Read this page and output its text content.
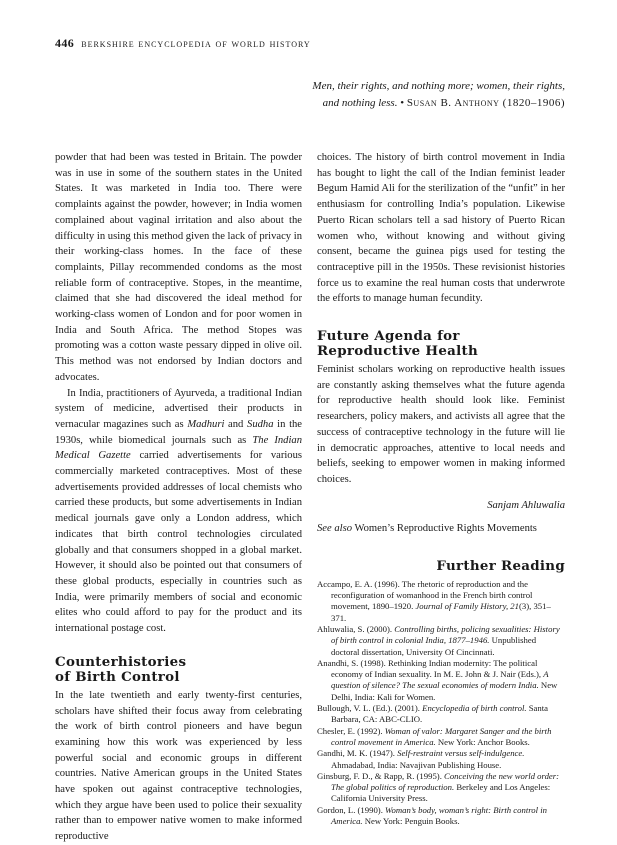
446 berkshire encyclopedia of world history
Men, their rights, and nothing more; women, their rights,
and nothing less. • Susan B. Anthony (1820–1906)

powder that had been was tested in Britain. The powder was in use in some of the southern states in the United States. It was marketed in India too. There were complaints against the powder, however; in India women complained about vaginal irritation and also about the difficulty in using this method given the lack of privacy in their working-class homes. In the face of these complaints, Pillay recommended condoms as the most reliable form of contraceptive. Stopes, in the meantime, claimed that she had discovered the ideal method for working-class women of London and for poor women in India and South Africa. The method Stopes was promoting was a cotton waste pessary dipped in olive oil. This method was not endorsed by Indian doctors and advocates.

In India, practitioners of Ayurveda, a traditional Indian system of medicine, advertised their products in vernacular magazines such as Madhuri and Sudha in the 1930s, while biomedical journals such as The Indian Medical Gazette carried advertisements for various commercially marketed contraceptives. Most of these advertisements provided addresses of local chemists who carried these products, but some advertisements in Indian medical journals gave only a London address, which indicates that birth control technologies circulated globally and that consumers shopped in a global market. However, it should also be pointed out that consumers of these global products, especially in countries such as India, were primarily members of social and economic elites who could afford to pay for the product and its international postage cost.

Counterhistories
of Birth Control

In the late twentieth and early twenty-first centuries, scholars have shifted their focus away from celebrating the work of birth control pioneers and have begun examining how this work was experienced by less powerful social and economic groups in different countries. Native American groups in the United States have spoken out against contraceptive technologies, which they argue have been used to police their sexuality rather than to empower native women to make informed reproductive

choices. The history of birth control movement in India has bought to light the call of the Indian feminist leader Begum Hamid Ali for the sterilization of the “unfit” in her enthusiasm for controlling India’s population. Likewise Puerto Rican scholars tell a sad history of Puerto Rican women who, without knowing and without giving consent, became the guinea pigs used for testing the contraceptive pill in the 1950s. These revisionist histories force us to examine the real human costs that underwrote the efforts to manage human fecundity.

Future Agenda for
Reproductive Health

Feminist scholars working on reproductive health issues are constantly asking themselves what the future agenda for reproductive health should look like. Feminist researchers, policy makers, and activists all agree that the success of contraceptive technology in the future will lie in democratic approaches, attentive to local needs and beliefs, seeking to empower women in making informed choices.

Sanjam Ahluwalia
See also Women’s Reproductive Rights Movements
Further Reading

Accampo, E. A. (1996). The rhetoric of reproduction and the reconfiguration of womanhood in the French birth control movement, 1890–1920. Journal of Family History, 21(3), 351–371.

Ahluwalia, S. (2000). Controlling births, policing sexualities: History of birth control in colonial India, 1877–1946. Unpublished doctoral dissertation, University Of Cincinnati.

Anandhi, S. (1998). Rethinking Indian modernity: The political economy of Indian sexuality. In M. E. John & J. Nair (Eds.), A question of silence? The sexual economies of modern India. New Delhi, India: Kali for Women.

Bullough, V. L. (Ed.). (2001). Encyclopedia of birth control. Santa Barbara, CA: ABC-CLIO.

Chesler, E. (1992). Woman of valor: Margaret Sanger and the birth control movement in America. New York: Anchor Books.

Gandhi, M. K. (1947). Self-restraint versus self-indulgence. Ahmadabad, India: Navajivan Publishing House.

Ginsburg, F. D., & Rapp, R. (1995). Conceiving the new world order: The global politics of reproduction. Berkeley and Los Angeles: California University Press.

Gordon, L. (1990). Woman’s body, woman’s right: Birth control in America. New York: Penguin Books.
